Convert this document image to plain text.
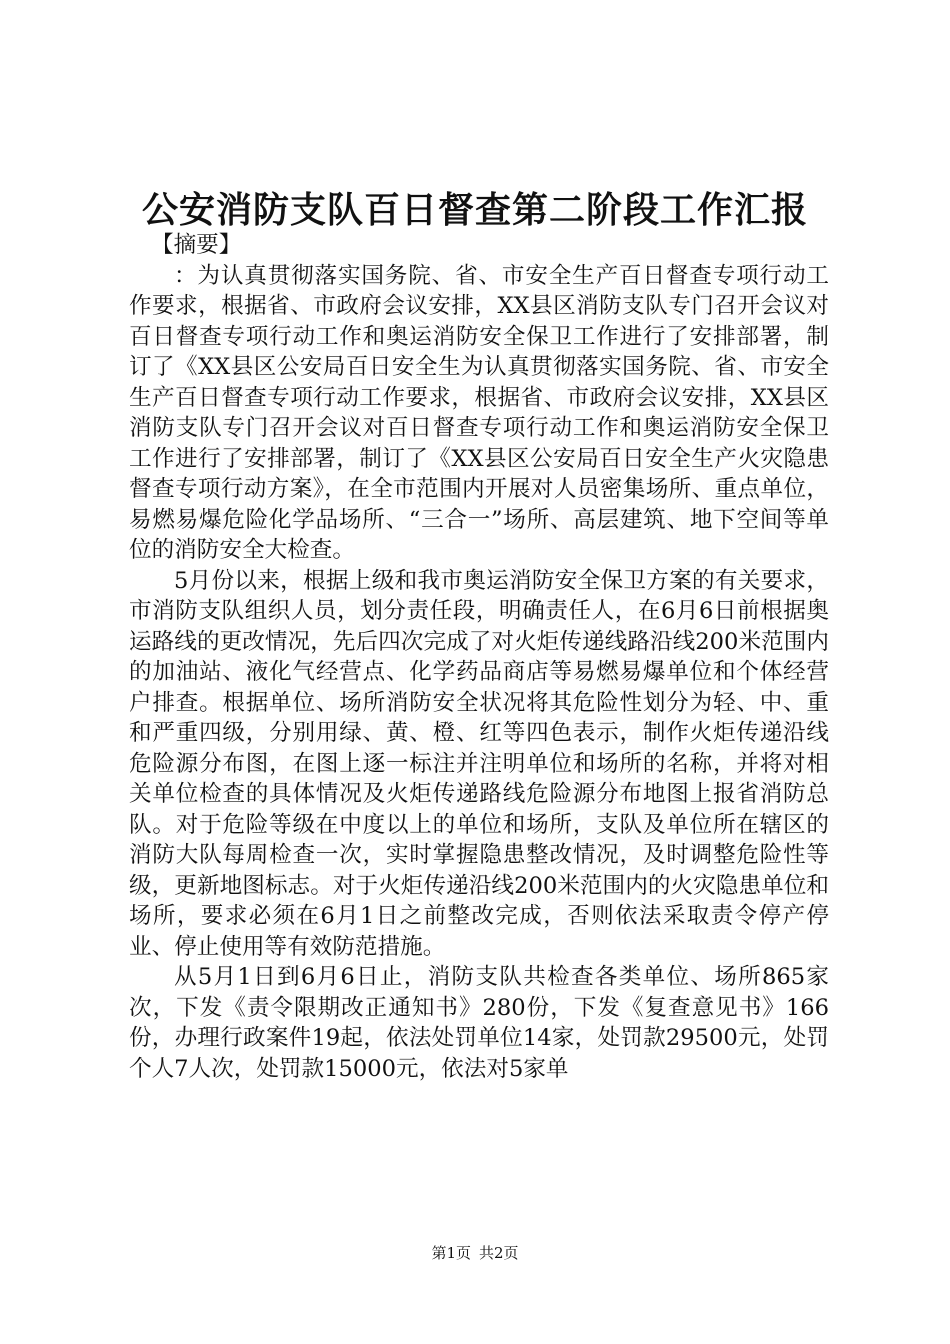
公安消防支队百日督查第二阶段工作汇报

【摘要】

：为认真贯彻落实国务院、省、市安全生产百日督查专项行动工作要求，根据省、市政府会议安排，XX县区消防支队专门召开会议对百日督查专项行动工作和奥运消防安全保卫工作进行了安排部署，制订了《XX县区公安局百日安全生为认真贯彻落实国务院、省、市安全生产百日督查专项行动工作要求，根据省、市政府会议安排，XX县区消防支队专门召开会议对百日督查专项行动工作和奥运消防安全保卫工作进行了安排部署，制订了《XX县区公安局百日安全生产火灾隐患督查专项行动方案》，在全市范围内开展对人员密集场所、重点单位，易燃易爆危险化学品场所、“三合一”场所、高层建筑、地下空间等单位的消防安全大检查。

5月份以来，根据上级和我市奥运消防安全保卫方案的有关要求，市消防支队组织人员，划分责任段，明确责任人，在6月6日前根据奥运路线的更改情况，先后四次完成了对火炬传递线路沿线200米范围内的加油站、液化气经营点、化学药品商店等易燃易爆单位和个体经营户排查。根据单位、场所消防安全状况将其危险性划分为轻、中、重和严重四级，分别用绿、黄、橙、红等四色表示，制作火炬传递沿线危险源分布图，在图上逐一标注并注明单位和场所的名称，并将对相关单位检查的具体情况及火炬传递路线危险源分布地图上报省消防总队。对于危险等级在中度以上的单位和场所，支队及单位所在辖区的消防大队每周检查一次，实时掌握隐患整改情况，及时调整危险性等级，更新地图标志。对于火炬传递沿线200米范围内的火灾隐患单位和场所，要求必须在6月1日之前整改完成，否则依法采取责令停产停业、停止使用等有效防范措施。

从5月1日到6月6日止，消防支队共检查各类单位、场所865家次，下发《责令限期改正通知书》280份，下发《复查意见书》166份，办理行政案件19起，依法处罚单位14家，处罚款29500元，处罚个人7人次，处罚款15000元，依法对5家单

第1页 共2页
